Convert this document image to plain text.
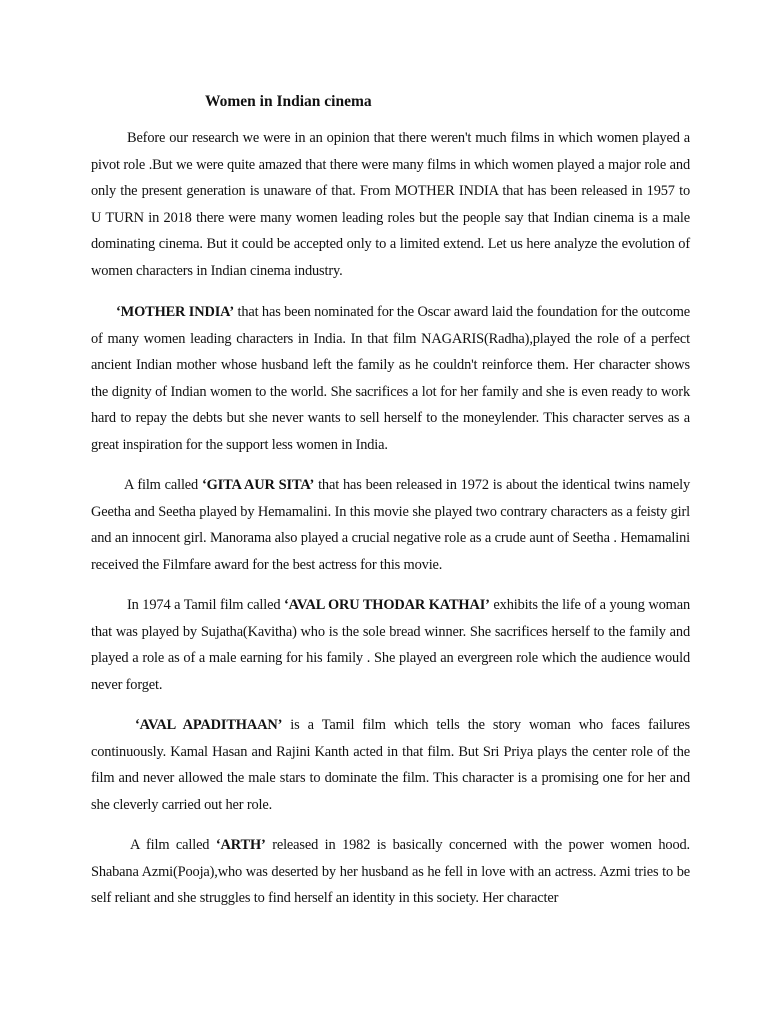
Women in Indian cinema

Before our research we were in an opinion that there weren't much films in which women played a pivot role .But we were quite amazed that there were many films in which women played a major role and only the present generation is unaware of that. From MOTHER INDIA that has been released in 1957 to U TURN in 2018 there were many women leading roles but the people say that Indian cinema is a male dominating cinema. But it could be accepted only to a limited extend. Let us here analyze the evolution of women characters in Indian cinema industry.

‘MOTHER INDIA’ that has been nominated for the Oscar award laid the foundation for the outcome of many women leading characters in India. In that film NAGARIS(Radha),played the role of a perfect ancient Indian mother whose husband left the family as he couldn't reinforce them. Her character shows the dignity of Indian women to the world. She sacrifices a lot for her family and she is even ready to work hard to repay the debts but she never wants to sell herself to the moneylender. This character serves as a great inspiration for the support less women in India.

A film called ‘GITA AUR SITA’ that has been released in 1972 is about the identical twins namely Geetha and Seetha played by Hemamalini. In this movie she played two contrary characters as a feisty girl and an innocent girl. Manorama also played a crucial negative role as a crude aunt of Seetha . Hemamalini received the Filmfare award for the best actress for this movie.

In 1974 a Tamil film called ‘AVAL ORU THODAR KATHAI’ exhibits the life of a young woman that was played by Sujatha(Kavitha) who is the sole bread winner. She sacrifices herself to the family and played a role as of a male earning for his family . She played an evergreen role which the audience would never forget.

‘AVAL APADITHAAN’ is a Tamil film which tells the story woman who faces failures continuously. Kamal Hasan and Rajini Kanth acted in that film. But Sri Priya plays the center role of the film and never allowed the male stars to dominate the film. This character is a promising one for her and she cleverly carried out her role.

A film called ‘ARTH’ released in 1982 is basically concerned with the power women hood. Shabana Azmi(Pooja),who was deserted by her husband as he fell in love with an actress. Azmi tries to be self reliant and she struggles to find herself an identity in this society. Her character
